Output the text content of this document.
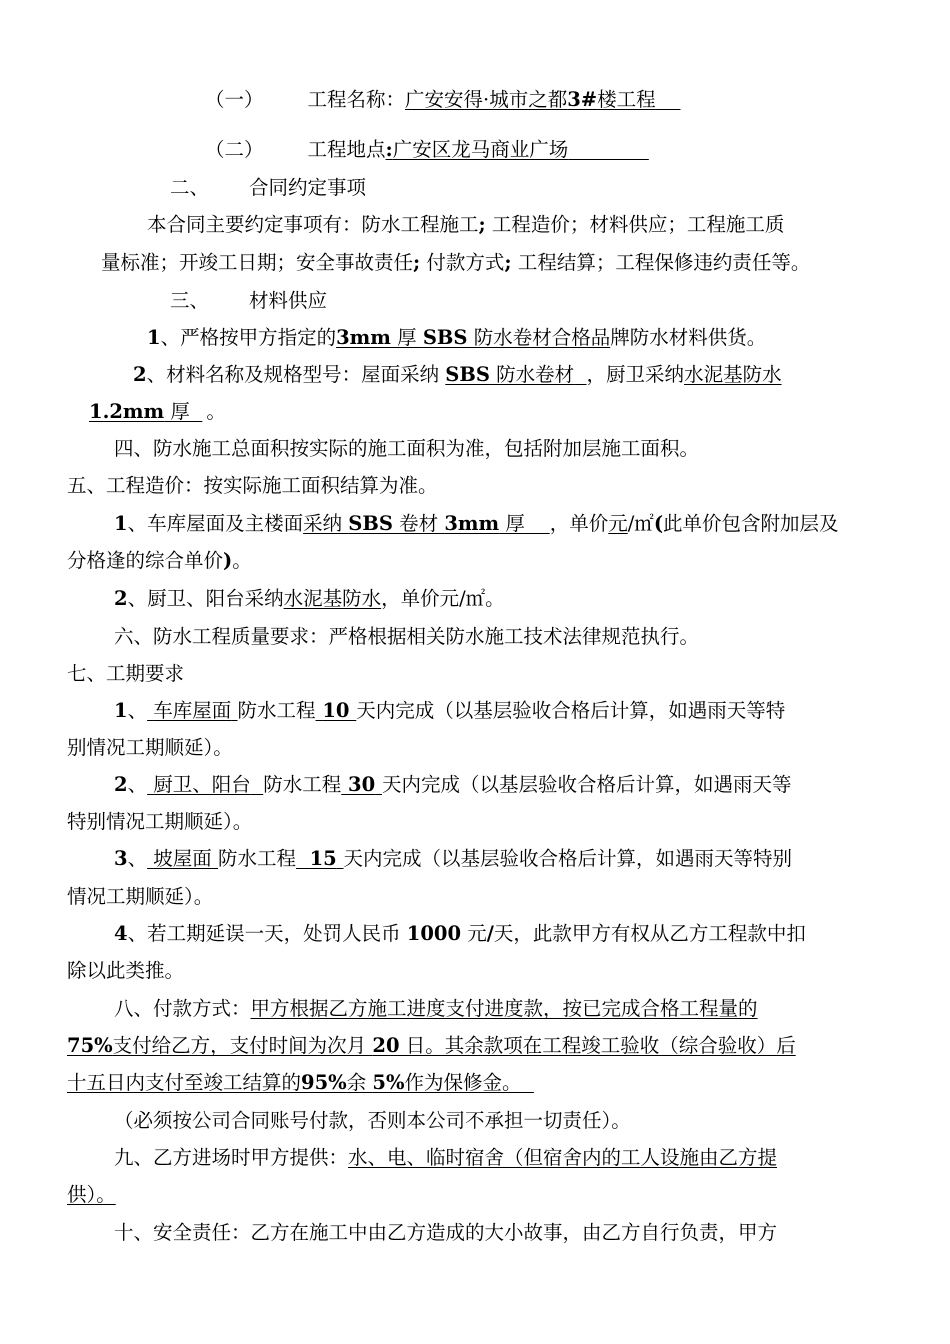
（一） 工程名称：广安安得·城市之都3#楼工程
（二） 工程地点:广安区龙马商业广场
二、 合同约定事项
本合同主要约定事项有：防水工程施工; 工程造价；材料供应；工程施工质
量标准；开竣工日期；安全事故责任; 付款方式; 工程结算；工程保修违约责任等。
三、 材料供应
1、严格按甲方指定的3mm 厚 SBS 防水卷材合格品牌防水材料供货。
2、材料名称及规格型号：屋面采纳 SBS 防水卷材 ，厨卫采纳水泥基防水
1.2mm 厚 。
四、防水施工总面积按实际的施工面积为准，包括附加层施工面积。
五、工程造价：按实际施工面积结算为准。
1、车库屋面及主楼面采纳 SBS 卷材 3mm 厚 ，单价元/㎡(此单价包含附加层及
分格逢的综合单价)。
2、厨卫、阳台采纳水泥基防水，单价元/㎡。
六、防水工程质量要求：严格根据相关防水施工技术法律规范执行。
七、工期要求
1、 车库屋面 防水工程 10 天内完成（以基层验收合格后计算，如遇雨天等特
别情况工期顺延）。
2、 厨卫、阳台 防水工程 30 天内完成（以基层验收合格后计算，如遇雨天等
特别情况工期顺延）。
3、 坡屋面 防水工程 15 天内完成（以基层验收合格后计算，如遇雨天等特别
情况工期顺延）。
4、若工期延误一天，处罚人民币 1000 元/天，此款甲方有权从乙方工程款中扣
除以此类推。
八、付款方式：甲方根据乙方施工进度支付进度款，按已完成合格工程量的
75%支付给乙方，支付时间为次月 20 日。其余款项在工程竣工验收（综合验收）后
十五日内支付至竣工结算的95%余 5%作为保修金。
（必须按公司合同账号付款，否则本公司不承担一切责任）。
九、乙方进场时甲方提供：水、电、临时宿舍（但宿舍内的工人设施由乙方提
供）。
十、安全责任：乙方在施工中由乙方造成的大小故事，由乙方自行负责，甲方
